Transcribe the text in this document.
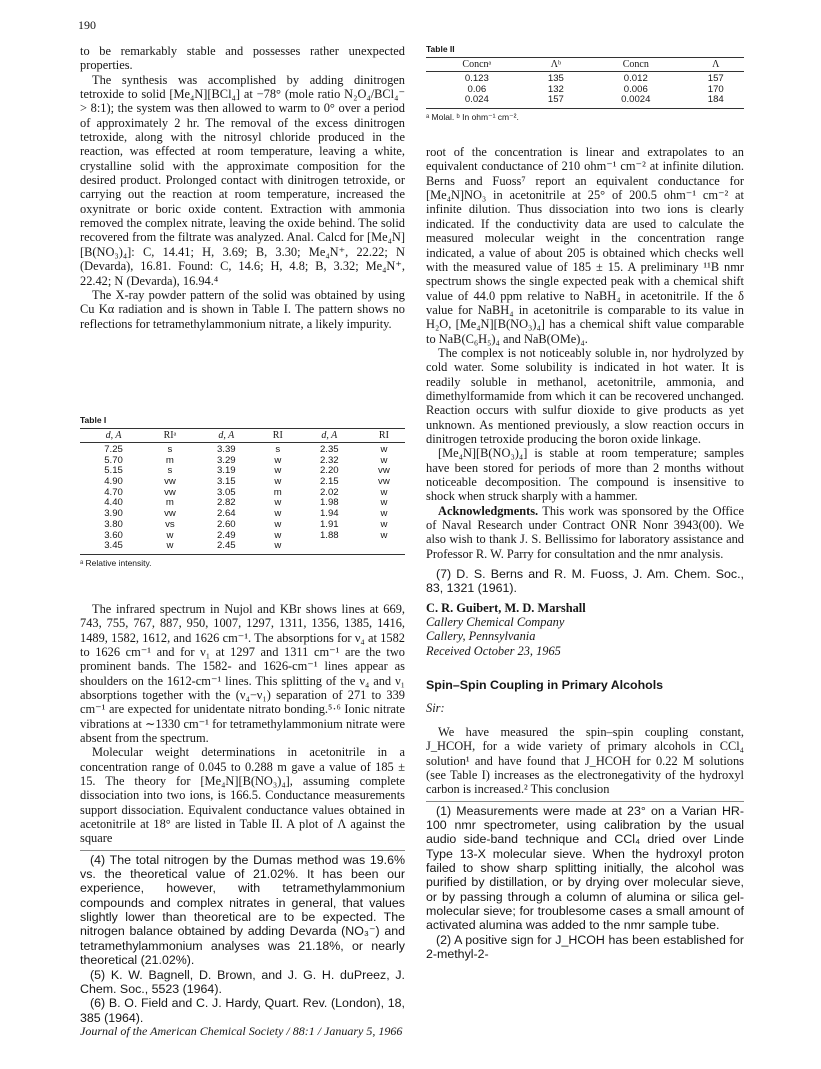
190

to be remarkably stable and possesses rather unexpected properties.

The synthesis was accomplished by adding dinitrogen tetroxide to solid [Me₄N][BCl₄] at −78° (mole ratio N₂O₄/BCl₄⁻ > 8:1); the system was then allowed to warm to 0° over a period of approximately 2 hr. The removal of the excess dinitrogen tetroxide, along with the nitrosyl chloride produced in the reaction, was effected at room temperature, leaving a white, crystalline solid with the approximate composition for the desired product. Prolonged contact with dinitrogen tetroxide, or carrying out the reaction at room temperature, increased the oxynitrate or boric oxide content. Extraction with ammonia removed the complex nitrate, leaving the oxide behind. The solid recovered from the filtrate was analyzed. Anal. Calcd for [Me₄N][B(NO₃)₄]: C, 14.41; H, 3.69; B, 3.30; Me₄N⁺, 22.22; N (Devarda), 16.81. Found: C, 14.6; H, 4.8; B, 3.32; Me₄N⁺, 22.42; N (Devarda), 16.94.⁴

The X-ray powder pattern of the solid was obtained by using Cu Kα radiation and is shown in Table I. The pattern shows no reflections for tetramethylammonium nitrate, a likely impurity.

Table I
d, A	RIᵃ	d, A	RI	d, A	RI
7.25	s	3.39	s	2.35	w
5.70	m	3.29	w	2.32	w
5.15	s	3.19	w	2.20	vw
4.90	vw	3.15	w	2.15	vw
4.70	vw	3.05	m	2.02	w
4.40	m	2.82	w	1.98	w
3.90	vw	2.64	w	1.94	w
3.80	vs	2.60	w	1.91	w
3.60	w	2.49	w	1.88	w
3.45	w	2.45	w		
ᵃ Relative intensity.

The infrared spectrum in Nujol and KBr shows lines at 669, 743, 755, 767, 887, 950, 1007, 1297, 1311, 1356, 1385, 1416, 1489, 1582, 1612, and 1626 cm⁻¹. The absorptions for ν₄ at 1582 to 1626 cm⁻¹ and for ν₁ at 1297 and 1311 cm⁻¹ are the two prominent bands. The 1582- and 1626-cm⁻¹ lines appear as shoulders on the 1612-cm⁻¹ lines. This splitting of the ν₄ and ν₁ absorptions together with the (ν₄−ν₁) separation of 271 to 339 cm⁻¹ are expected for unidentate nitrato bonding.⁵·⁶ Ionic nitrate vibrations at ∼1330 cm⁻¹ for tetramethylammonium nitrate were absent from the spectrum.

Molecular weight determinations in acetonitrile in a concentration range of 0.045 to 0.288 m gave a value of 185 ± 15. The theory for [Me₄N][B(NO₃)₄], assuming complete dissociation into two ions, is 166.5. Conductance measurements support dissociation. Equivalent conductance values obtained in acetonitrile at 18° are listed in Table II. A plot of Λ against the square

(4) The total nitrogen by the Dumas method was 19.6% vs. the theoretical value of 21.02%. It has been our experience, however, with tetramethylammonium compounds and complex nitrates in general, that values slightly lower than theoretical are to be expected. The nitrogen balance obtained by adding Devarda (NO₃⁻) and tetramethylammonium analyses was 21.18%, or nearly theoretical (21.02%).

(5) K. W. Bagnell, D. Brown, and J. G. H. duPreez, J. Chem. Soc., 5523 (1964).

(6) B. O. Field and C. J. Hardy, Quart. Rev. (London), 18, 385 (1964).

Table II
Concnᵃ	Λᵇ	Concn	Λ
0.123	135	0.012	157
0.06	132	0.006	170
0.024	157	0.0024	184
ᵃ Molal. ᵇ In ohm⁻¹ cm⁻².

root of the concentration is linear and extrapolates to an equivalent conductance of 210 ohm⁻¹ cm⁻² at infinite dilution. Berns and Fuoss⁷ report an equivalent conductance for [Me₄N]NO₃ in acetonitrile at 25° of 200.5 ohm⁻¹ cm⁻² at infinite dilution. Thus dissociation into two ions is clearly indicated. If the conductivity data are used to calculate the measured molecular weight in the concentration range indicated, a value of about 205 is obtained which checks well with the measured value of 185 ± 15. A preliminary ¹¹B nmr spectrum shows the single expected peak with a chemical shift value of 44.0 ppm relative to NaBH₄ in acetonitrile. If the δ value for NaBH₄ in acetonitrile is comparable to its value in H₂O, [Me₄N][B(NO₃)₄] has a chemical shift value comparable to NaB(C₆H₅)₄ and NaB(OMe)₄.

The complex is not noticeably soluble in, nor hydrolyzed by cold water. Some solubility is indicated in hot water. It is readily soluble in methanol, acetonitrile, ammonia, and dimethylformamide from which it can be recovered unchanged. Reaction occurs with sulfur dioxide to give products as yet unknown. As mentioned previously, a slow reaction occurs in dinitrogen tetroxide producing the boron oxide linkage.

[Me₄N][B(NO₃)₄] is stable at room temperature; samples have been stored for periods of more than 2 months without noticeable decomposition. The compound is insensitive to shock when struck sharply with a hammer.

Acknowledgments. This work was sponsored by the Office of Naval Research under Contract ONR Nonr 3943(00). We also wish to thank J. S. Bellissimo for laboratory assistance and Professor R. W. Parry for consultation and the nmr analysis.

(7) D. S. Berns and R. M. Fuoss, J. Am. Chem. Soc., 83, 1321 (1961).

C. R. Guibert, M. D. Marshall

Callery Chemical Company

Callery, Pennsylvania

Received October 23, 1965

Spin–Spin Coupling in Primary Alcohols

Sir:

We have measured the spin–spin coupling constant, J_HCOH, for a wide variety of primary alcohols in CCl₄ solution¹ and have found that J_HCOH for 0.22 M solutions (see Table I) increases as the electronegativity of the hydroxyl carbon is increased.² This conclusion

(1) Measurements were made at 23° on a Varian HR-100 nmr spectrometer, using calibration by the usual audio side-band technique and CCl₄ dried over Linde Type 13-X molecular sieve. When the hydroxyl proton failed to show sharp splitting initially, the alcohol was purified by distillation, or by drying over molecular sieve, or by passing through a column of alumina or silica gel-molecular sieve; for troublesome cases a small amount of activated alumina was added to the nmr sample tube.

(2) A positive sign for J_HCOH has been established for 2-methyl-2-

Journal of the American Chemical Society / 88:1 / January 5, 1966
